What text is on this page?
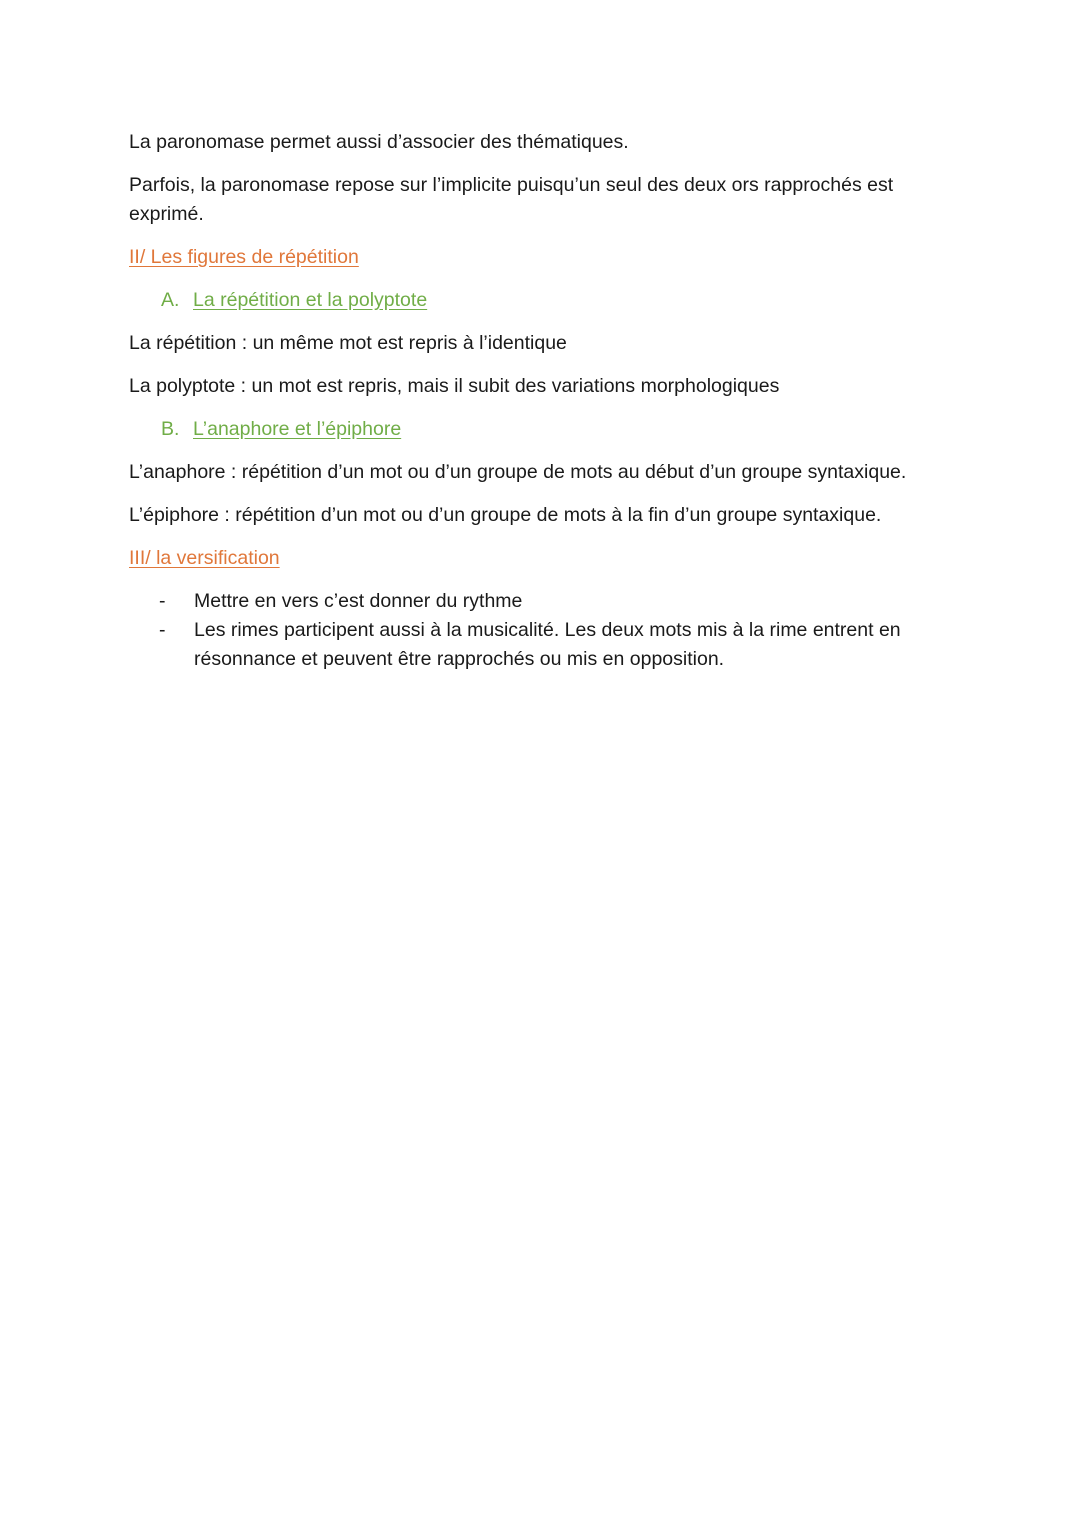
La paronomase permet aussi d’associer des thématiques.

Parfois, la paronomase repose sur l’implicite puisqu’un seul des deux ors rapprochés est exprimé.

II/ Les figures de répétition

A. La répétition et la polyptote

La répétition : un même mot est repris à l’identique

La polyptote : un mot est repris, mais il subit des variations morphologiques

B. L’anaphore et l’épiphore

L’anaphore : répétition d’un mot ou d’un groupe de mots au début d’un groupe syntaxique.

L’épiphore : répétition d’un mot ou d’un groupe de mots à la fin d’un groupe syntaxique.

III/ la versification

- Mettre en vers c’est donner du rythme
- Les rimes participent aussi à la musicalité. Les deux mots mis à la rime entrent en résonnance et peuvent être rapprochés ou mis en opposition.
